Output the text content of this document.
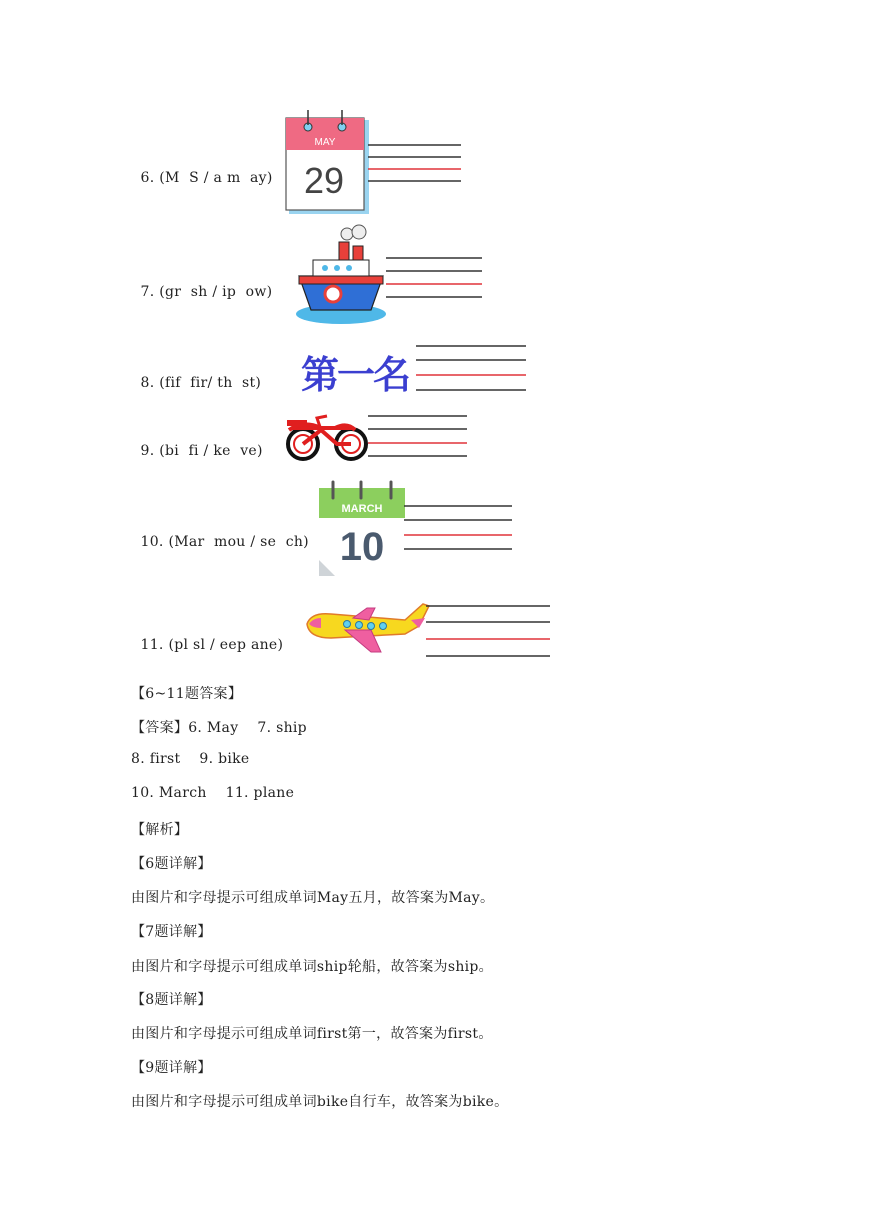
6. (M  S / a m  ay)

MAY
29

7. (gr  sh / ip  ow)

8. (fif  fir/ th  st) 第一名

9. (bi  fi / ke  ve)

10. (Mar  mou / se  ch)

MARCH
10

11. (pl sl / eep ane)

【6~11题答案】
【答案】6. May    7. ship
8. first    9. bike
10. March    11. plane
【解析】
【6题详解】
由图片和字母提示可组成单词May五月，故答案为May。
【7题详解】
由图片和字母提示可组成单词ship轮船，故答案为ship。
【8题详解】
由图片和字母提示可组成单词first第一，故答案为first。
【9题详解】
由图片和字母提示可组成单词bike自行车，故答案为bike。
